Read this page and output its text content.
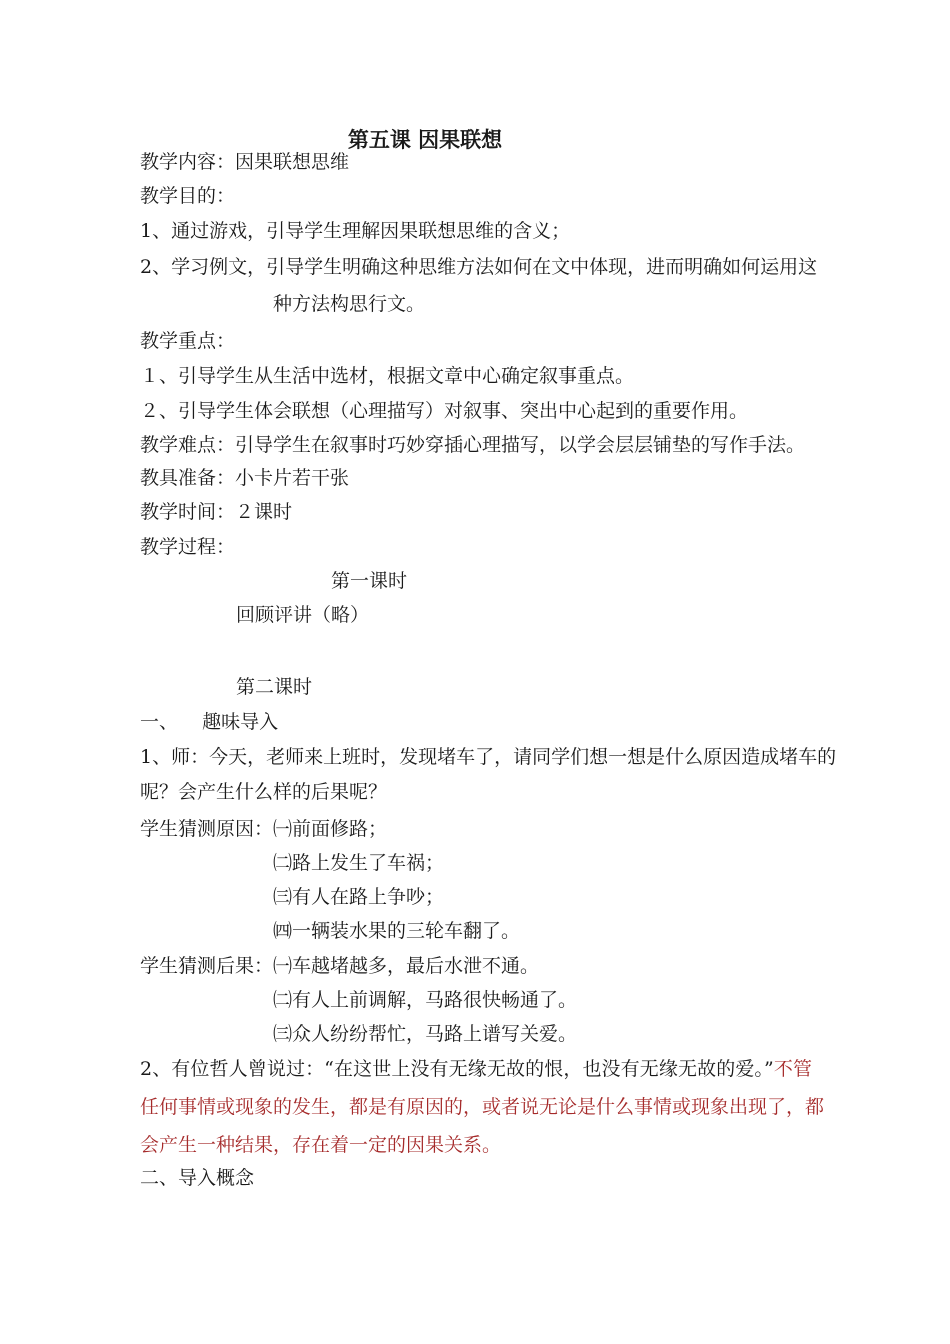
第五课 因果联想
教学内容：因果联想思维
教学目的：
1、通过游戏，引导学生理解因果联想思维的含义；
2、学习例文，引导学生明确这种思维方法如何在文中体现，进而明确如何运用这
种方法构思行文。
教学重点：
１、引导学生从生活中选材，根据文章中心确定叙事重点。
２、引导学生体会联想（心理描写）对叙事、突出中心起到的重要作用。
教学难点：引导学生在叙事时巧妙穿插心理描写，以学会层层铺垫的写作手法。
教具准备：小卡片若干张
教学时间：２课时
教学过程：
第一课时
回顾评讲（略）
第二课时
一、    趣味导入
1、师：今天，老师来上班时，发现堵车了，请同学们想一想是什么原因造成堵车的
呢？会产生什么样的后果呢？
学生猜测原因： ㈠前面修路；
㈡路上发生了车祸；
㈢有人在路上争吵；
㈣一辆装水果的三轮车翻了。
学生猜测后果： ㈠车越堵越多，最后水泄不通。
㈡有人上前调解，马路很快畅通了。
㈢众人纷纷帮忙，马路上谱写关爱。
2、有位哲人曾说过：“在这世上没有无缘无故的恨，也没有无缘无故的爱。”不管
任何事情或现象的发生，都是有原因的，或者说无论是什么事情或现象出现了，都
会产生一种结果，存在着一定的因果关系。
二、导入概念
